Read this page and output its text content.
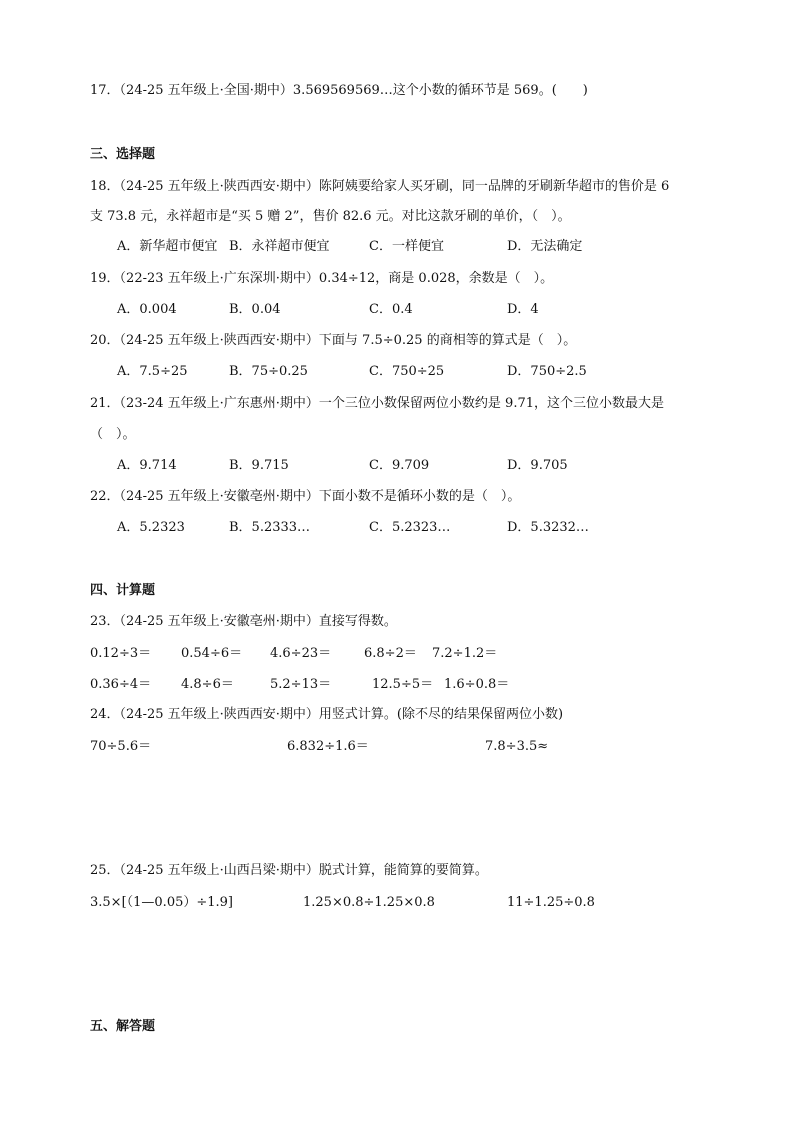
17．（24-25 五年级上·全国·期中）3.569569569…这个小数的循环节是 569。(　　)
三、选择题
18．（24-25 五年级上·陕西西安·期中）陈阿姨要给家人买牙刷，同一品牌的牙刷新华超市的售价是 6
支 73.8 元，永祥超市是“买 5 赠 2”，售价 82.6 元。对比这款牙刷的单价，（　）。
A．新华超市便宜 B．永祥超市便宜	C．一样便宜	D．无法确定
19．（22-23 五年级上·广东深圳·期中）0.34÷12，商是 0.028，余数是（　）。
A．0.004	B．0.04	C．0.4	D．4
20．（24-25 五年级上·陕西西安·期中）下面与 7.5÷0.25 的商相等的算式是（　）。
A．7.5÷25	B．75÷0.25	C．750÷25	D．750÷2.5
21．（23-24 五年级上·广东惠州·期中）一个三位小数保留两位小数约是 9.71，这个三位小数最大是
（　）。
A．9.714	B．9.715	C．9.709	D．9.705
22．（24-25 五年级上·安徽亳州·期中）下面小数不是循环小数的是（　）。
A．5.2323	B．5.2333…	C．5.2323…	D．5.3232…
四、计算题
23．（24-25 五年级上·安徽亳州·期中）直接写得数。
0.12÷3＝ 0.54÷6＝ 4.6÷23＝	6.8÷2＝ 7.2÷1.2＝
0.36÷4＝ 4.8÷6＝	5.2÷13＝	12.5÷5＝ 1.6÷0.8＝
24．（24-25 五年级上·陕西西安·期中）用竖式计算。(除不尽的结果保留两位小数)
70÷5.6＝	6.832÷1.6＝	7.8÷3.5≈
25．（24-25 五年级上·山西吕梁·期中）脱式计算，能简算的要简算。
3.5×[（1—0.05）÷1.9]	1.25×0.8÷1.25×0.8	11÷1.25÷0.8
五、解答题
